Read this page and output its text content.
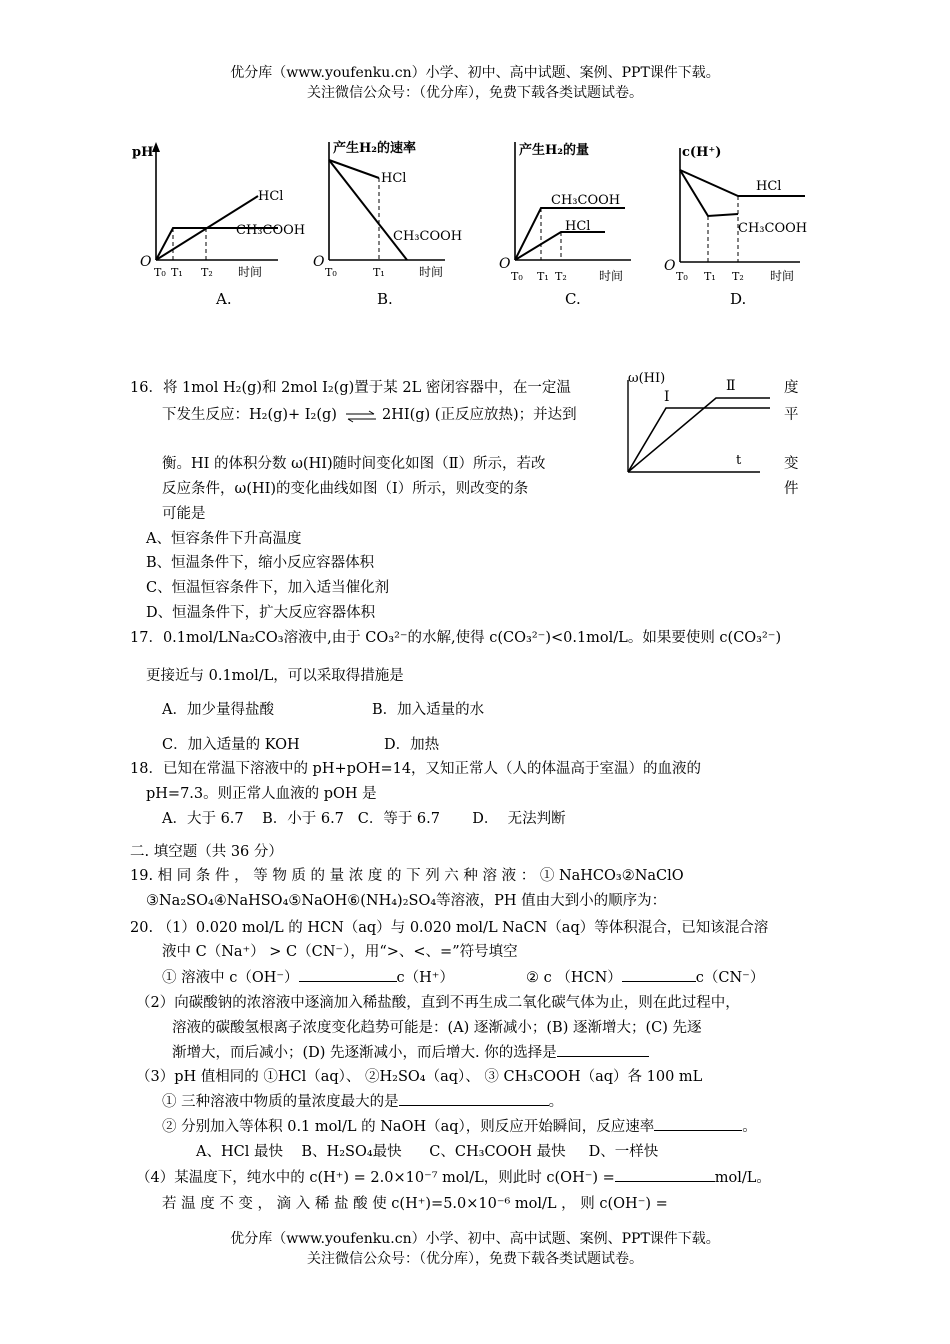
优分库（www.youfenku.cn）小学、初中、高中试题、案例、PPT课件下载。
关注微信公众号：（优分库），免费下载各类试题试卷。
pH
O
T₀ T₁ T₂ 时间
HCl
CH₃COOH
A.
产生H₂的速率
O
T₀	T₁	时间
HCl
CH₃COOH
B.
产生H₂的量
O
T₀ T₁ T₂	时间
CH₃COOH
HCl
C.
c(H⁺)
O
T₀ T₁ T₂ 时间
HCl
CH₃COOH
D.
ω(HI)
t
I
Ⅱ
16．将 1mol H₂(g)和 2mol I₂(g)置于某 2L 密闭容器中，在一定温	度
下发生反应：H₂(g)+ I₂(g) ⇌ 2HI(g) (正反应放热)；并达到	平
衡。HI 的体积分数 ω(HI)随时间变化如图（Ⅱ）所示，若改	变
反应条件，ω(HI)的变化曲线如图（Ⅰ）所示，则改变的条	件
可能是
A、恒容条件下升高温度
B、恒温条件下，缩小反应容器体积
C、恒温恒容条件下，加入适当催化剂
D、恒温条件下，扩大反应容器体积
17．0.1mol/LNa₂CO₃溶液中,由于 CO₃²⁻的水解,使得 c(CO₃²⁻)<0.1mol/L。如果要使则 c(CO₃²⁻)
更接近与 0.1mol/L，可以采取得措施是
A．加少量得盐酸	B．加入适量的水
C．加入适量的 KOH	D．加热
18．已知在常温下溶液中的 pH+pOH=14，又知正常人（人的体温高于室温）的血液的
pH=7.3。则正常人血液的 pOH 是
A．大于 6.7    B．小于 6.7   C．等于 6.7       D．  无法判断
二. 填空题（共 36 分）
19. 相 同 条 件 ， 等 物 质 的 量 浓 度 的 下 列 六 种 溶 液 ： ① NaHCO₃②NaClO
③Na₂SO₄④NaHSO₄⑤NaOH⑥(NH₄)₂SO₄等溶液，PH 值由大到小的顺序为：
20. （1）0.020 mol/L 的 HCN（aq）与 0.020 mol/L NaCN（aq）等体积混合，已知该混合溶
液中 C（Na⁺） > C（CN⁻），用“>、<、=”符号填空
① 溶液中 c（OH⁻）	c（H⁺）	② c （HCN）	c（CN⁻）
（2）向碳酸钠的浓溶液中逐滴加入稀盐酸，直到不再生成二氧化碳气体为止，则在此过程中，
溶液的碳酸氢根离子浓度变化趋势可能是：(A) 逐渐减小；(B) 逐渐增大；(C) 先逐
渐增大，而后减小；(D) 先逐渐减小，而后增大. 你的选择是
（3）pH 值相同的 ①HCl（aq）、 ②H₂SO₄（aq）、 ③ CH₃COOH（aq）各 100 mL
① 三种溶液中物质的量浓度最大的是	。
② 分别加入等体积 0.1 mol/L 的 NaOH（aq），则反应开始瞬间，反应速率	。
A、HCl 最快    B、H₂SO₄最快      C、CH₃COOH 最快     D、一样快
（4）某温度下，纯水中的 c(H⁺) = 2.0×10⁻⁷ mol/L，则此时 c(OH⁻) =	mol/L。
若 温 度 不 变 ， 滴 入 稀 盐 酸 使 c(H⁺)=5.0×10⁻⁶ mol/L ， 则 c(OH⁻) =
优分库（www.youfenku.cn）小学、初中、高中试题、案例、PPT课件下载。
关注微信公众号：（优分库），免费下载各类试题试卷。
